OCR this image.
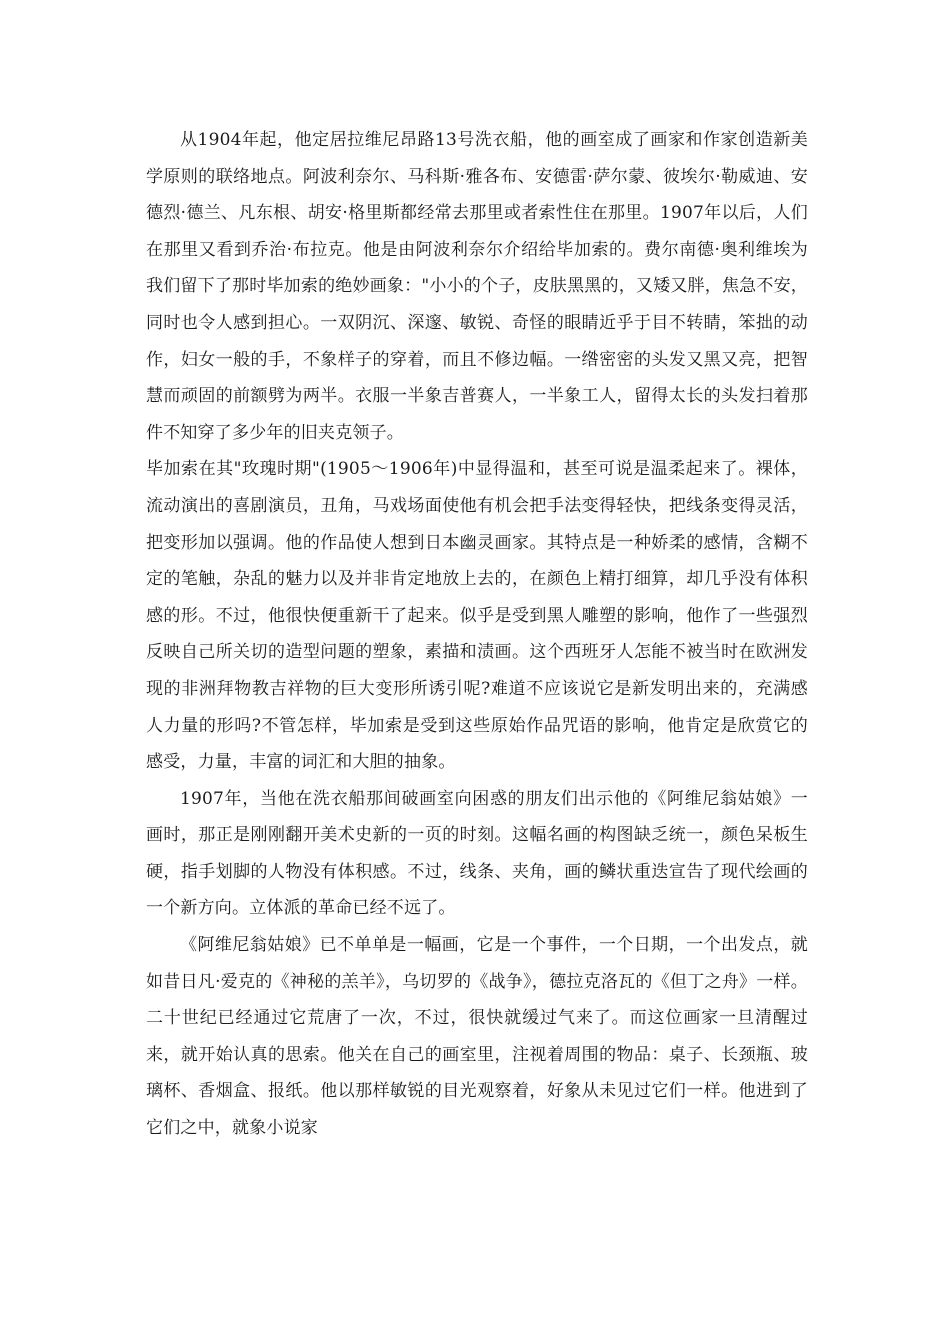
从1904年起，他定居拉维尼昂路13号洗衣船，他的画室成了画家和作家创造新美学原则的联络地点。阿波利奈尔、马科斯·雅各布、安德雷·萨尔蒙、彼埃尔·勒威迪、安德烈·德兰、凡东根、胡安·格里斯都经常去那里或者索性住在那里。1907年以后，人们在那里又看到乔治·布拉克。他是由阿波利奈尔介绍给毕加索的。费尔南德·奥利维埃为我们留下了那时毕加索的绝妙画象："小小的个子，皮肤黑黑的，又矮又胖，焦急不安，同时也令人感到担心。一双阴沉、深邃、敏锐、奇怪的眼睛近乎于目不转睛，笨拙的动作，妇女一般的手，不象样子的穿着，而且不修边幅。一绺密密的头发又黑又亮，把智慧而顽固的前额劈为两半。衣服一半象吉普赛人，一半象工人，留得太长的头发扫着那件不知穿了多少年的旧夹克领子。

毕加索在其"玫瑰时期"(1905～1906年)中显得温和，甚至可说是温柔起来了。裸体，流动演出的喜剧演员，丑角，马戏场面使他有机会把手法变得轻快，把线条变得灵活，把变形加以强调。他的作品使人想到日本幽灵画家。其特点是一种娇柔的感情，含糊不定的笔触，杂乱的魅力以及并非肯定地放上去的，在颜色上精打细算，却几乎没有体积感的形。不过，他很快便重新干了起来。似乎是受到黑人雕塑的影响，他作了一些强烈反映自己所关切的造型问题的塑象，素描和渍画。这个西班牙人怎能不被当时在欧洲发现的非洲拜物教吉祥物的巨大变形所诱引呢?难道不应该说它是新发明出来的，充满感人力量的形吗?不管怎样，毕加索是受到这些原始作品咒语的影响，他肯定是欣赏它的感受，力量，丰富的词汇和大胆的抽象。

1907年，当他在洗衣船那间破画室向困惑的朋友们出示他的《阿维尼翁姑娘》一画时，那正是刚刚翻开美术史新的一页的时刻。这幅名画的构图缺乏统一，颜色呆板生硬，指手划脚的人物没有体积感。不过，线条、夹角，画的鳞状重迭宣告了现代绘画的一个新方向。立体派的革命已经不远了。

《阿维尼翁姑娘》已不单单是一幅画，它是一个事件，一个日期，一个出发点，就如昔日凡·爱克的《神秘的羔羊》，乌切罗的《战争》，德拉克洛瓦的《但丁之舟》一样。二十世纪已经通过它荒唐了一次，不过，很快就缓过气来了。而这位画家一旦清醒过来，就开始认真的思索。他关在自己的画室里，注视着周围的物品：桌子、长颈瓶、玻璃杯、香烟盒、报纸。他以那样敏锐的目光观察着，好象从未见过它们一样。他进到了它们之中，就象小说家
